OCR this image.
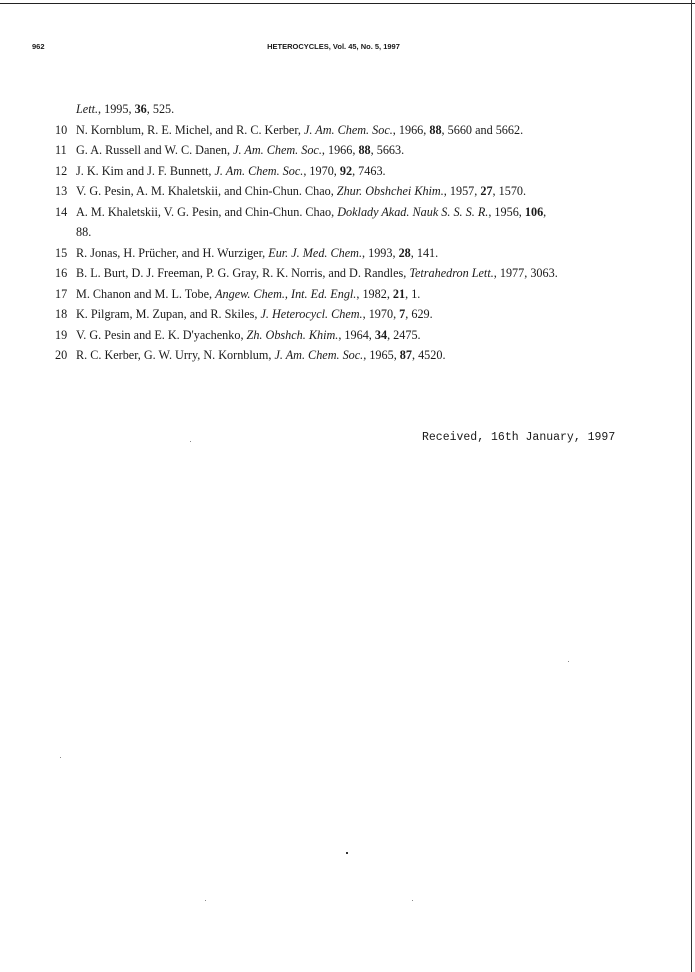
962	HETEROCYCLES, Vol. 45, No. 5, 1997
Lett., 1995, 36, 525.
10 N. Kornblum, R. E. Michel, and R. C. Kerber, J. Am. Chem. Soc., 1966, 88, 5660 and 5662.
11 G. A. Russell and W. C. Danen, J. Am. Chem. Soc., 1966, 88, 5663.
12 J. K. Kim and J. F. Bunnett, J. Am. Chem. Soc., 1970, 92, 7463.
13 V. G. Pesin, A. M. Khaletskii, and Chin-Chun. Chao, Zhur. Obshchei Khim., 1957, 27, 1570.
14 A. M. Khaletskii, V. G. Pesin, and Chin-Chun. Chao, Doklady Akad. Nauk S. S. S. R., 1956, 106,
88.
15 R. Jonas, H. Prücher, and H. Wurziger, Eur. J. Med. Chem., 1993, 28, 141.
16 B. L. Burt, D. J. Freeman, P. G. Gray, R. K. Norris, and D. Randles, Tetrahedron Lett., 1977, 3063.
17 M. Chanon and M. L. Tobe, Angew. Chem., Int. Ed. Engl., 1982, 21, 1.
18 K. Pilgram, M. Zupan, and R. Skiles, J. Heterocycl. Chem., 1970, 7, 629.
19 V. G. Pesin and E. K. D'yachenko, Zh. Obshch. Khim., 1964, 34, 2475.
20 R. C. Kerber, G. W. Urry, N. Kornblum, J. Am. Chem. Soc., 1965, 87, 4520.
Received, 16th January, 1997
